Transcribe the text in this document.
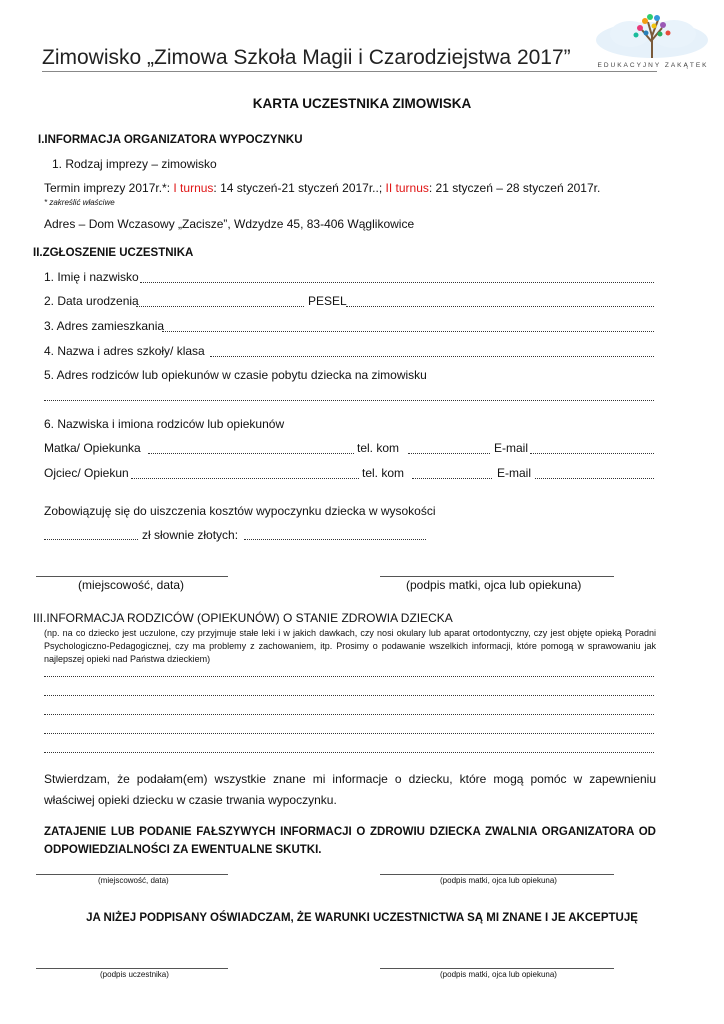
Zimowisko „Zimowa Szkoła Magii i Czarodziejstwa 2017”	EDUKACYJNY ZAKĄTEK
KARTA UCZESTNIKA ZIMOWISKA
I.INFORMACJA ORGANIZATORA WYPOCZYNKU
1. Rodzaj imprezy – zimowisko
Termin imprezy 2017r.*: I turnus: 14 styczeń-21 styczeń 2017r..; II turnus: 21 styczeń – 28 styczeń 2017r.
* zakreślić właściwe
Adres – Dom Wczasowy „Zacisze”, Wdzydze 45, 83-406 Wąglikowice
II.ZGŁOSZENIE UCZESTNIKA
1. Imię i nazwisko
2. Data urodzenia	PESEL
3. Adres zamieszkania
4. Nazwa i adres szkoły/ klasa
5. Adres rodziców lub opiekunów w czasie pobytu dziecka na zimowisku
6. Nazwiska i imiona rodziców lub opiekunów
Matka/ Opiekunka	tel. kom	E-mail
Ojciec/ Opiekun	tel. kom	E-mail
Zobowiązuję się do uiszczenia kosztów wypoczynku dziecka w wysokości
zł słownie złotych:
(miejscowość, data)	(podpis matki, ojca lub opiekuna)
III.INFORMACJA RODZICÓW (OPIEKUNÓW) O STANIE ZDROWIA DZIECKA
(np. na co dziecko jest uczulone, czy przyjmuje stałe leki i w jakich dawkach, czy nosi okulary lub aparat ortodontyczny, czy jest objęte opieką Poradni Psychologiczno-Pedagogicznej, czy ma problemy z zachowaniem, itp. Prosimy o podawanie wszelkich informacji, które pomogą w sprawowaniu jak najlepszej opieki nad Państwa dzieckiem)
Stwierdzam, że podałam(em) wszystkie znane mi informacje o dziecku, które mogą pomóc w zapewnieniu właściwej opieki dziecku w czasie trwania wypoczynku.
ZATAJENIE LUB PODANIE FAŁSZYWYCH INFORMACJI O ZDROWIU DZIECKA ZWALNIA ORGANIZATORA OD ODPOWIEDZIALNOŚCI ZA EWENTUALNE SKUTKI.
(miejscowość, data)	(podpis matki, ojca lub opiekuna)
JA NIŻEJ PODPISANY OŚWIADCZAM, ŻE WARUNKI UCZESTNICTWA SĄ MI ZNANE I JE AKCEPTUJĘ
(podpis uczestnika)	(podpis matki, ojca lub opiekuna)
